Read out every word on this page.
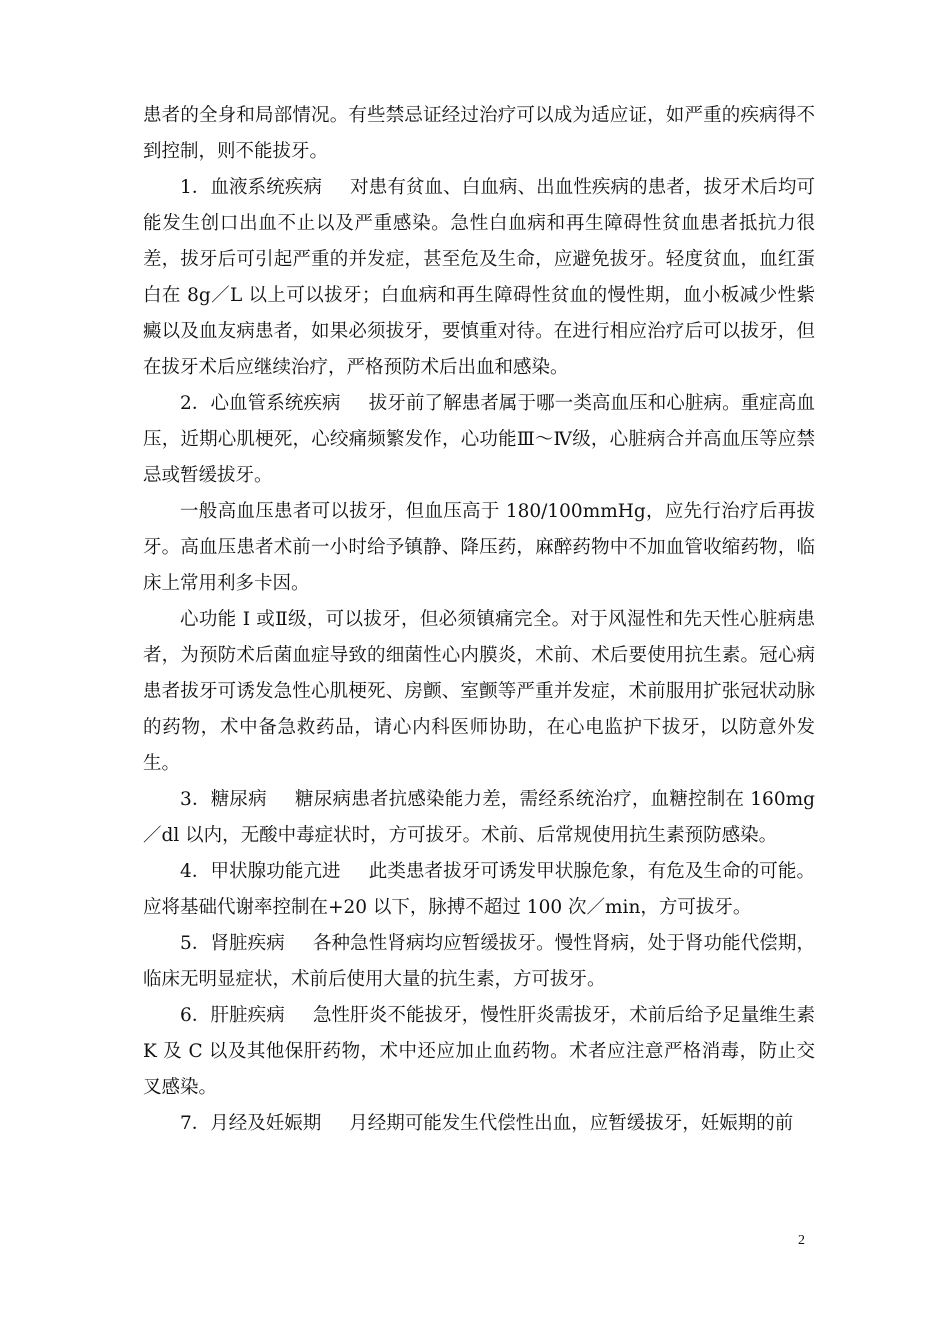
患者的全身和局部情况。有些禁忌证经过治疗可以成为适应证，如严重的疾病得不到控制，则不能拔牙。

1．血液系统疾病 对患有贫血、白血病、出血性疾病的患者，拔牙术后均可能发生创口出血不止以及严重感染。急性白血病和再生障碍性贫血患者抵抗力很差，拔牙后可引起严重的并发症，甚至危及生命，应避免拔牙。轻度贫血，血红蛋白在 8g／L 以上可以拔牙；白血病和再生障碍性贫血的慢性期，血小板减少性紫癜以及血友病患者，如果必须拔牙，要慎重对待。在进行相应治疗后可以拔牙，但在拔牙术后应继续治疗，严格预防术后出血和感染。

2．心血管系统疾病 拔牙前了解患者属于哪一类高血压和心脏病。重症高血压，近期心肌梗死，心绞痛频繁发作，心功能Ⅲ～Ⅳ级，心脏病合并高血压等应禁忌或暂缓拔牙。

一般高血压患者可以拔牙，但血压高于 180/100mmHg，应先行治疗后再拔牙。高血压患者术前一小时给予镇静、降压药，麻醉药物中不加血管收缩药物，临床上常用利多卡因。

心功能 I 或Ⅱ级，可以拔牙，但必须镇痛完全。对于风湿性和先天性心脏病患者，为预防术后菌血症导致的细菌性心内膜炎，术前、术后要使用抗生素。冠心病患者拔牙可诱发急性心肌梗死、房颤、室颤等严重并发症，术前服用扩张冠状动脉的药物，术中备急救药品，请心内科医师协助，在心电监护下拔牙，以防意外发生。

3．糖尿病 糖尿病患者抗感染能力差，需经系统治疗，血糖控制在 160mg／dl 以内，无酸中毒症状时，方可拔牙。术前、后常规使用抗生素预防感染。

4．甲状腺功能亢进 此类患者拔牙可诱发甲状腺危象，有危及生命的可能。应将基础代谢率控制在+20 以下，脉搏不超过 100 次／min，方可拔牙。

5．肾脏疾病 各种急性肾病均应暂缓拔牙。慢性肾病，处于肾功能代偿期，临床无明显症状，术前后使用大量的抗生素，方可拔牙。

6．肝脏疾病 急性肝炎不能拔牙，慢性肝炎需拔牙，术前后给予足量维生素 K 及 C 以及其他保肝药物，术中还应加止血药物。术者应注意严格消毒，防止交叉感染。

7．月经及妊娠期 月经期可能发生代偿性出血，应暂缓拔牙，妊娠期的前

2
